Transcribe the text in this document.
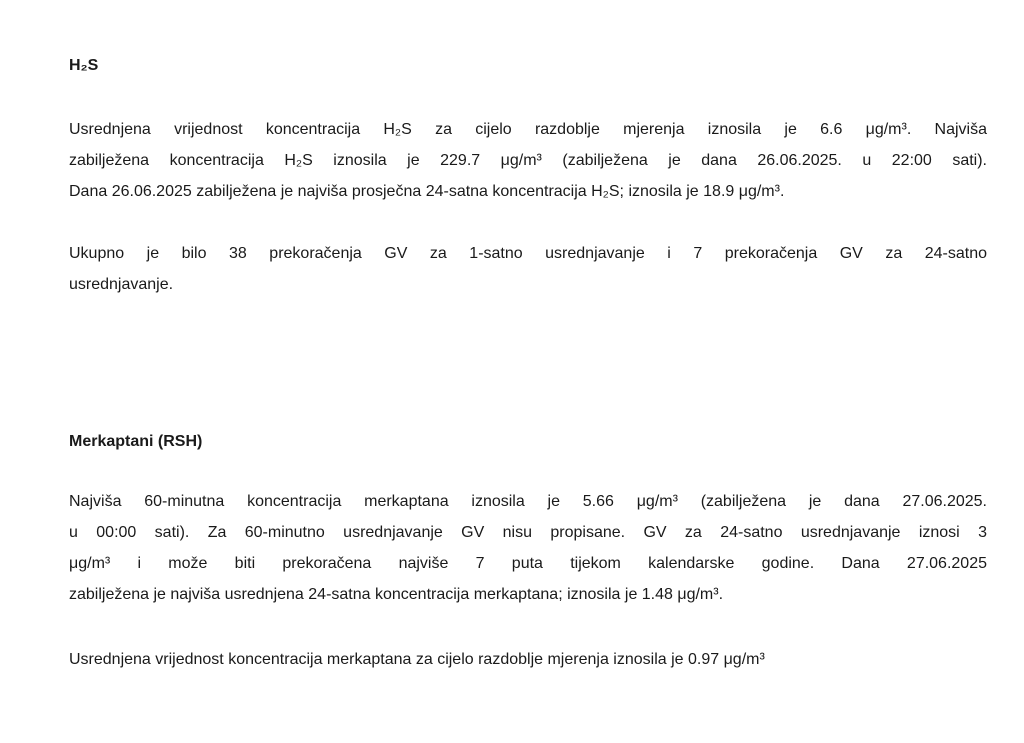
H₂S
Usrednjena vrijednost koncentracija H₂S za cijelo razdoblje mjerenja iznosila je 6.6 μg/m³. Najviša
zabilježena koncentracija H₂S iznosila je 229.7 μg/m³ (zabilježena je dana 26.06.2025. u 22:00 sati).
Dana 26.06.2025 zabilježena je najviša prosječna 24-satna koncentracija H₂S; iznosila je 18.9 μg/m³.
Ukupno je bilo 38 prekoračenja GV za 1-satno usrednjavanje i 7 prekoračenja GV za 24-satno
usrednjavanje.
Merkaptani (RSH)
Najviša 60-minutna koncentracija merkaptana iznosila je 5.66 μg/m³ (zabilježena je dana 27.06.2025.
u 00:00 sati). Za 60-minutno usrednjavanje GV nisu propisane. GV za 24-satno usrednjavanje iznosi 3
μg/m³ i može biti prekoračena najviše 7 puta tijekom kalendarske godine. Dana 27.06.2025
zabilježena je najviša usrednjena 24-satna koncentracija merkaptana; iznosila je 1.48 μg/m³.
Usrednjena vrijednost koncentracija merkaptana za cijelo razdoblje mjerenja iznosila je 0.97 μg/m³
